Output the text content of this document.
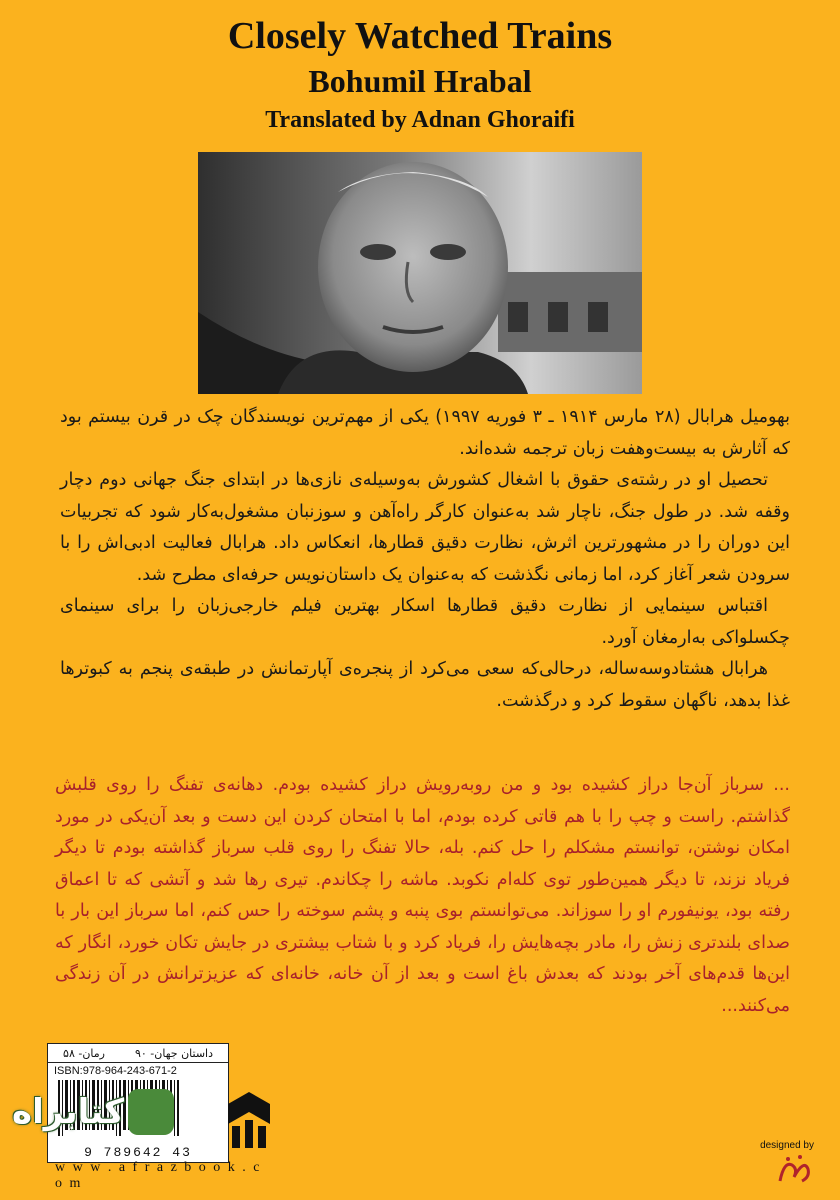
Closely Watched Trains

Bohumil Hrabal

Translated by Adnan Ghoraifi

بهومیل هرابال (۲۸ مارس ۱۹۱۴ ـ ۳ فوریه ۱۹۹۷) یکی از مهم‌ترین نویسندگان چک در قرن بیستم بود که آثارش به بیست‌وهفت زبان ترجمه شده‌اند.

تحصیل او در رشته‌ی حقوق با اشغال کشورش به‌وسیله‌ی نازی‌ها در ابتدای جنگ جهانی دوم دچار وقفه شد. در طول جنگ، ناچار شد به‌عنوان کارگر راه‌آهن و سوزنبان مشغول‌به‌کار شود که تجربیات این دوران را در مشهورترین اثرش، نظارت دقیق قطارها، انعکاس داد. هرابال فعالیت ادبی‌اش را با سرودن شعر آغاز کرد، اما زمانی نگذشت که به‌عنوان یک داستان‌نویس حرفه‌ای مطرح شد.

اقتباس سینمایی از نظارت دقیق قطارها اسکار بهترین فیلم خارجی‌زبان را برای سینمای چکسلواکی به‌ارمغان آورد.

هرابال هشتادوسه‌ساله، درحالی‌که سعی می‌کرد از پنجره‌ی آپارتمانش در طبقه‌ی پنجم به کبوترها غذا بدهد، ناگهان سقوط کرد و درگذشت.

... سرباز آن‌جا دراز کشیده بود و من روبه‌رویش دراز کشیده بودم. دهانه‌ی تفنگ را روی قلبش گذاشتم. راست و چپ را با هم قاتی کرده بودم، اما با امتحان کردن این دست و بعد آن‌یکی در مورد امکان نوشتن، توانستم مشکلم را حل کنم. بله، حالا تفنگ را روی قلب سرباز گذاشته بودم تا دیگر فریاد نزند، تا دیگر همین‌طور توی کله‌ام نکوبد. ماشه را چکاندم. تیری رها شد و آتشی که تا اعماق رفته بود، یونیفورم او را سوزاند. می‌توانستم بوی پنبه و پشم سوخته را حس کنم، اما سرباز این بار با صدای بلندتری زنش را، مادر بچه‌هایش را، فریاد کرد و با شتاب بیشتری در جایش تکان خورد، انگار که این‌ها قدم‌های آخر بودند که بعدش باغ است و بعد از آن خانه، خانه‌ای که عزیزترانش در آن زندگی می‌کنند...
داستان جهان- ۹۰
رمان- ۵۸
ISBN:978-964-243-671-2
9 789642 43
کتابراه
w w w . a f r a z b o o k . c o m
designed by
